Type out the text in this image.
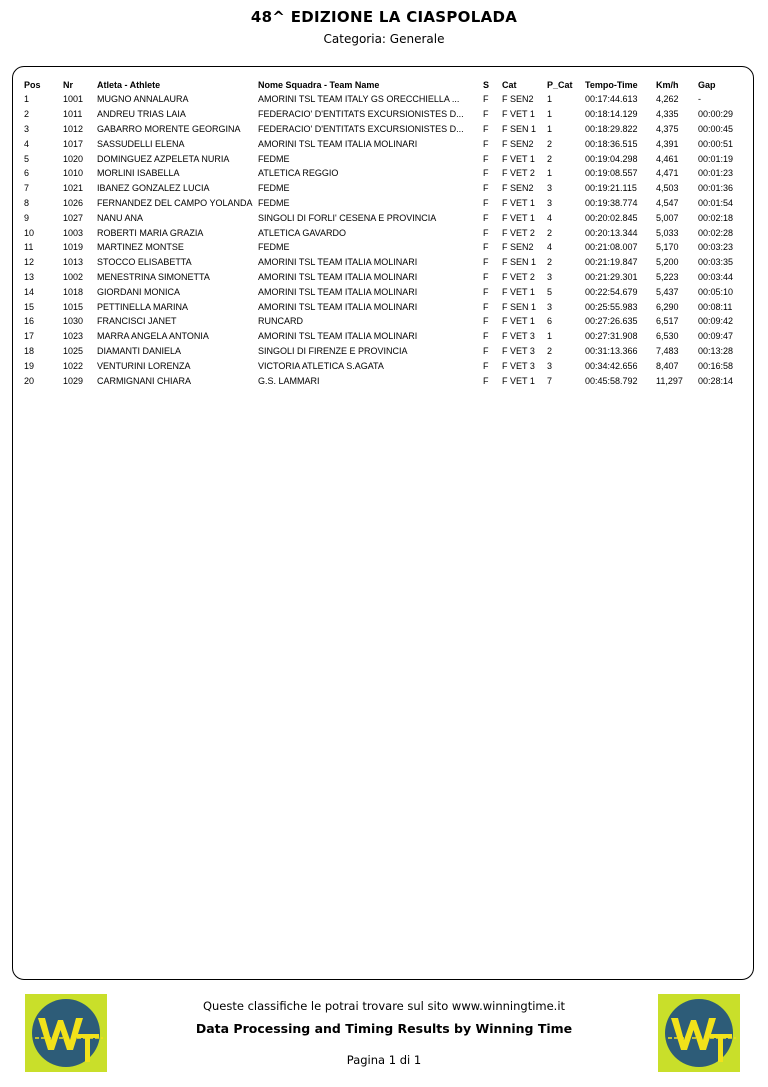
48^ EDIZIONE LA CIASPOLADA
Categoria: Generale
Pos	Nr	Atleta - Athlete	Nome Squadra - Team Name	S	Cat	P_Cat	Tempo-Time	Km/h	Gap
1	1001	MUGNO ANNALAURA	AMORINI TSL TEAM ITALY GS ORECCHIELLA ...	F	F SEN2	1	00:17:44.613	4,262	-
2	1011	ANDREU TRIAS LAIA	FEDERACIO' D'ENTITATS EXCURSIONISTES D...	F	F VET 1	1	00:18:14.129	4,335	00:00:29
3	1012	GABARRO MORENTE GEORGINA	FEDERACIO' D'ENTITATS EXCURSIONISTES D...	F	F SEN 1	1	00:18:29.822	4,375	00:00:45
4	1017	SASSUDELLI ELENA	AMORINI TSL TEAM ITALIA MOLINARI	F	F SEN2	2	00:18:36.515	4,391	00:00:51
5	1020	DOMINGUEZ AZPELETA NURIA	FEDME	F	F VET 1	2	00:19:04.298	4,461	00:01:19
6	1010	MORLINI ISABELLA	ATLETICA REGGIO	F	F VET 2	1	00:19:08.557	4,471	00:01:23
7	1021	IBANEZ GONZALEZ LUCIA	FEDME	F	F SEN2	3	00:19:21.115	4,503	00:01:36
8	1026	FERNANDEZ DEL CAMPO YOLANDA	FEDME	F	F VET 1	3	00:19:38.774	4,547	00:01:54
9	1027	NANU ANA	SINGOLI DI FORLI' CESENA E PROVINCIA	F	F VET 1	4	00:20:02.845	5,007	00:02:18
10	1003	ROBERTI MARIA GRAZIA	ATLETICA GAVARDO	F	F VET 2	2	00:20:13.344	5,033	00:02:28
11	1019	MARTINEZ MONTSE	FEDME	F	F SEN2	4	00:21:08.007	5,170	00:03:23
12	1013	STOCCO ELISABETTA	AMORINI TSL TEAM ITALIA MOLINARI	F	F SEN 1	2	00:21:19.847	5,200	00:03:35
13	1002	MENESTRINA SIMONETTA	AMORINI TSL TEAM ITALIA MOLINARI	F	F VET 2	3	00:21:29.301	5,223	00:03:44
14	1018	GIORDANI MONICA	AMORINI TSL TEAM ITALIA MOLINARI	F	F VET 1	5	00:22:54.679	5,437	00:05:10
15	1015	PETTINELLA MARINA	AMORINI TSL TEAM ITALIA MOLINARI	F	F SEN 1	3	00:25:55.983	6,290	00:08:11
16	1030	FRANCISCI JANET	RUNCARD	F	F VET 1	6	00:27:26.635	6,517	00:09:42
17	1023	MARRA ANGELA ANTONIA	AMORINI TSL TEAM ITALIA MOLINARI	F	F VET 3	1	00:27:31.908	6,530	00:09:47
18	1025	DIAMANTI DANIELA	SINGOLI DI FIRENZE E PROVINCIA	F	F VET 3	2	00:31:13.366	7,483	00:13:28
19	1022	VENTURINI LORENZA	VICTORIA ATLETICA S.AGATA	F	F VET 3	3	00:34:42.656	8,407	00:16:58
20	1029	CARMIGNANI CHIARA	G.S. LAMMARI	F	F VET 1	7	00:45:58.792	11,297	00:28:14
Queste classifiche le potrai trovare sul sito www.winningtime.it
Data Processing and Timing Results by Winning Time
Pagina 1 di 1
